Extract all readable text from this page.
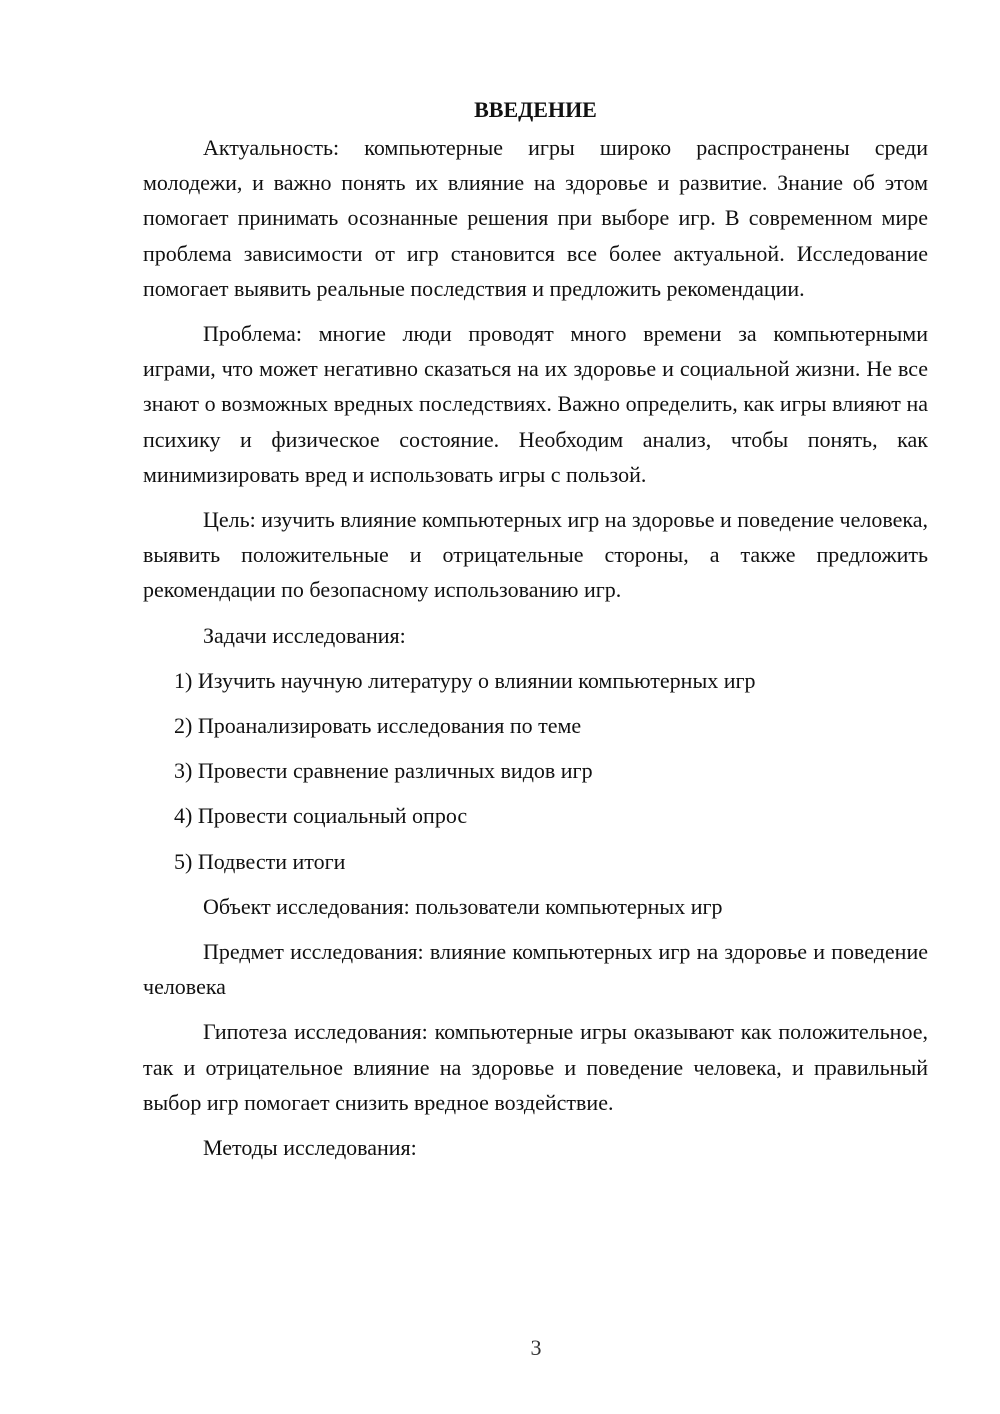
ВВЕДЕНИЕ

Актуальность: компьютерные игры широко распространены среди молодежи, и важно понять их влияние на здоровье и развитие. Знание об этом помогает принимать осознанные решения при выборе игр. В современном мире проблема зависимости от игр становится все более актуальной. Исследование помогает выявить реальные последствия и предложить рекомендации.

Проблема: многие люди проводят много времени за компьютерными играми, что может негативно сказаться на их здоровье и социальной жизни. Не все знают о возможных вредных последствиях. Важно определить, как игры влияют на психику и физическое состояние. Необходим анализ, чтобы понять, как минимизировать вред и использовать игры с пользой.

Цель: изучить влияние компьютерных игр на здоровье и поведение человека, выявить положительные и отрицательные стороны, а также предложить рекомендации по безопасному использованию игр.

Задачи исследования:

1) Изучить научную литературу о влиянии компьютерных игр
2) Проанализировать исследования по теме
3) Провести сравнение различных видов игр
4) Провести социальный опрос
5) Подвести итоги

Объект исследования: пользователи компьютерных игр

Предмет исследования: влияние компьютерных игр на здоровье и поведение человека

Гипотеза исследования: компьютерные игры оказывают как положительное, так и отрицательное влияние на здоровье и поведение человека, и правильный выбор игр помогает снизить вредное воздействие.

Методы исследования:

3
